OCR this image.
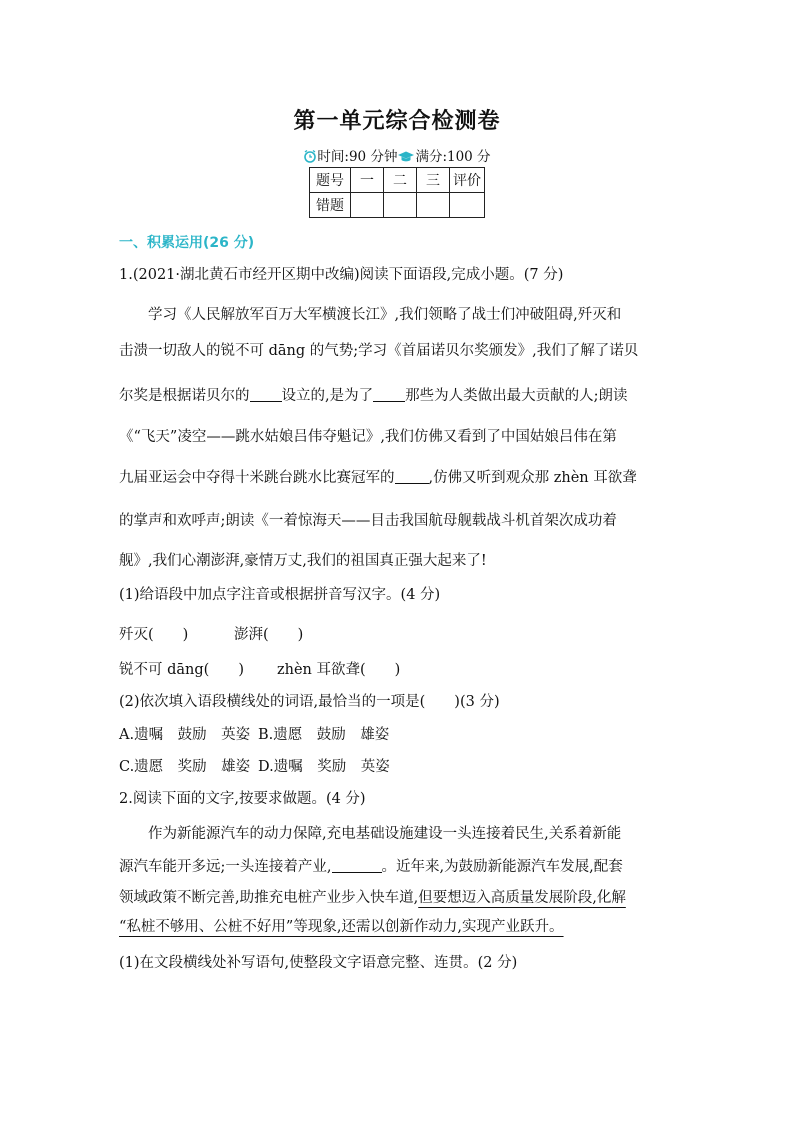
第一单元综合检测卷
时间:90 分钟 满分:100 分
题号	一	二	三	评价
错题				
一、积累运用(26 分)
1.(2021·湖北黄石市经开区期中改编)阅读下面语段,完成小题。(7 分)
学习《人民解放军百万大军横渡长江》,我们领略了战士们冲破阻碍,歼灭和
击溃一切敌人的锐不可 dāng 的气势;学习《首届诺贝尔奖颁发》,我们了解了诺贝
尔奖是根据诺贝尔的 设立的,是为了 那些为人类做出最大贡献的人;朗读
《“飞天”凌空——跳水姑娘吕伟夺魁记》,我们仿佛又看到了中国姑娘吕伟在第
九届亚运会中夺得十米跳台跳水比赛冠军的 ,仿佛又听到观众那 zhèn 耳欲聋
的掌声和欢呼声;朗读《一着惊海天——目击我国航母舰载战斗机首架次成功着
舰》,我们心潮澎湃,豪情万丈,我们的祖国真正强大起来了!
(1)给语段中加点字注音或根据拼音写汉字。(4 分)
歼灭(　　)	澎湃(　　)
锐不可 dāng(　　) zhèn 耳欲聋(　　)
(2)依次填入语段横线处的词语,最恰当的一项是(　　)(3 分)
A.遗嘱　鼓励　英姿 B.遗愿　鼓励　雄姿
C.遗愿　奖励　雄姿 D.遗嘱　奖励　英姿
2.阅读下面的文字,按要求做题。(4 分)
作为新能源汽车的动力保障,充电基础设施建设一头连接着民生,关系着新能
源汽车能开多远;一头连接着产业,	。近年来,为鼓励新能源汽车发展,配套
领域政策不断完善,助推充电桩产业步入快车道,但要想迈入高质量发展阶段,化解
“私桩不够用、公桩不好用”等现象,还需以创新作动力,实现产业跃升。
(1)在文段横线处补写语句,使整段文字语意完整、连贯。(2 分)
